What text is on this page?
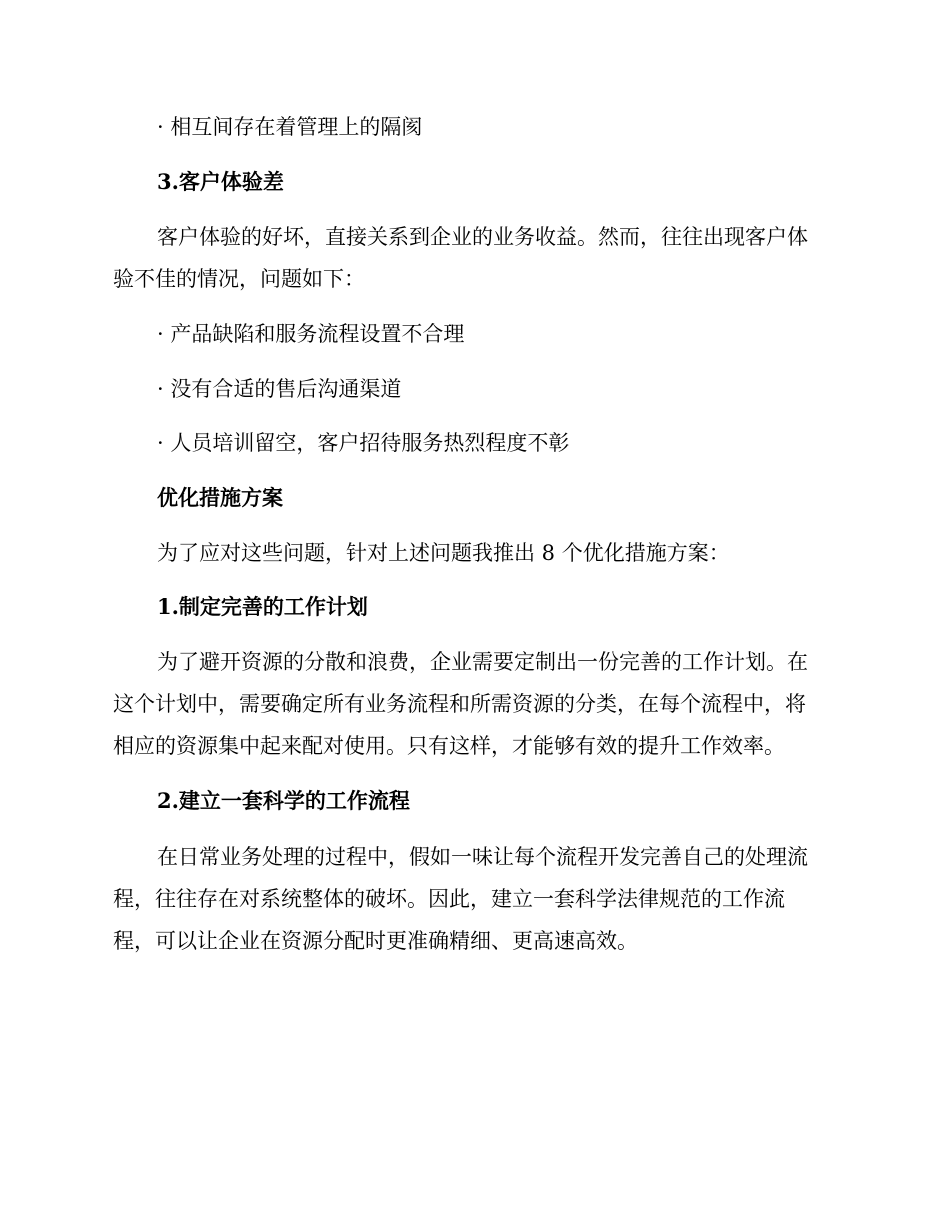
· 相互间存在着管理上的隔阂
3.客户体验差
客户体验的好坏，直接关系到企业的业务收益。然而，往往出现客户体
验不佳的情况，问题如下：
· 产品缺陷和服务流程设置不合理
· 没有合适的售后沟通渠道
· 人员培训留空，客户招待服务热烈程度不彰
优化措施方案
为了应对这些问题，针对上述问题我推出 8 个优化措施方案：
1.制定完善的工作计划
为了避开资源的分散和浪费，企业需要定制出一份完善的工作计划。在
这个计划中，需要确定所有业务流程和所需资源的分类，在每个流程中，将
相应的资源集中起来配对使用。只有这样，才能够有效的提升工作效率。
2.建立一套科学的工作流程
在日常业务处理的过程中，假如一味让每个流程开发完善自己的处理流
程，往往存在对系统整体的破坏。因此，建立一套科学法律规范的工作流
程，可以让企业在资源分配时更准确精细、更高速高效。
